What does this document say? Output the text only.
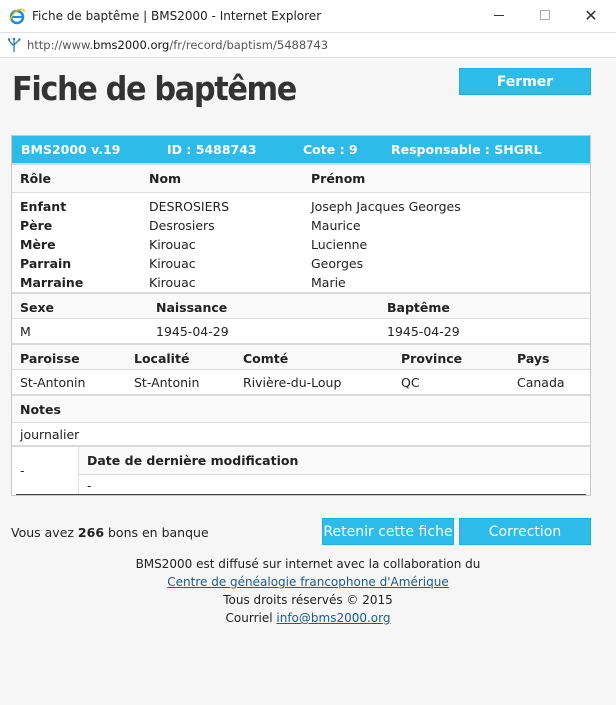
Fiche de baptême | BMS2000 - Internet Explorer	✕
http://www.bms2000.org/fr/record/baptism/5488743
Fiche de baptême	Fermer
BMS2000 v.19	ID : 5488743	Cote : 9	Responsable : SHGRL
Rôle	Nom	Prénom
Enfant	DESROSIERS	Joseph Jacques Georges
Père	Desrosiers	Maurice
Mère	Kirouac	Lucienne
Parrain	Kirouac	Georges
Marraine	Kirouac	Marie
Sexe	Naissance	Baptême
M	1945-04-29	1945-04-29
Paroisse	Localité	Comté	Province	Pays
St-Antonin	St-Antonin	Rivière-du-Loup	QC	Canada
Notes
journalier
-
Date de dernière modification
-
Vous avez 266 bons en banque	Retenir cette fiche	Correction
BMS2000 est diffusé sur internet avec la collaboration du
Centre de généalogie francophone d'Amérique
Tous droits réservés © 2015
Courriel info@bms2000.org
